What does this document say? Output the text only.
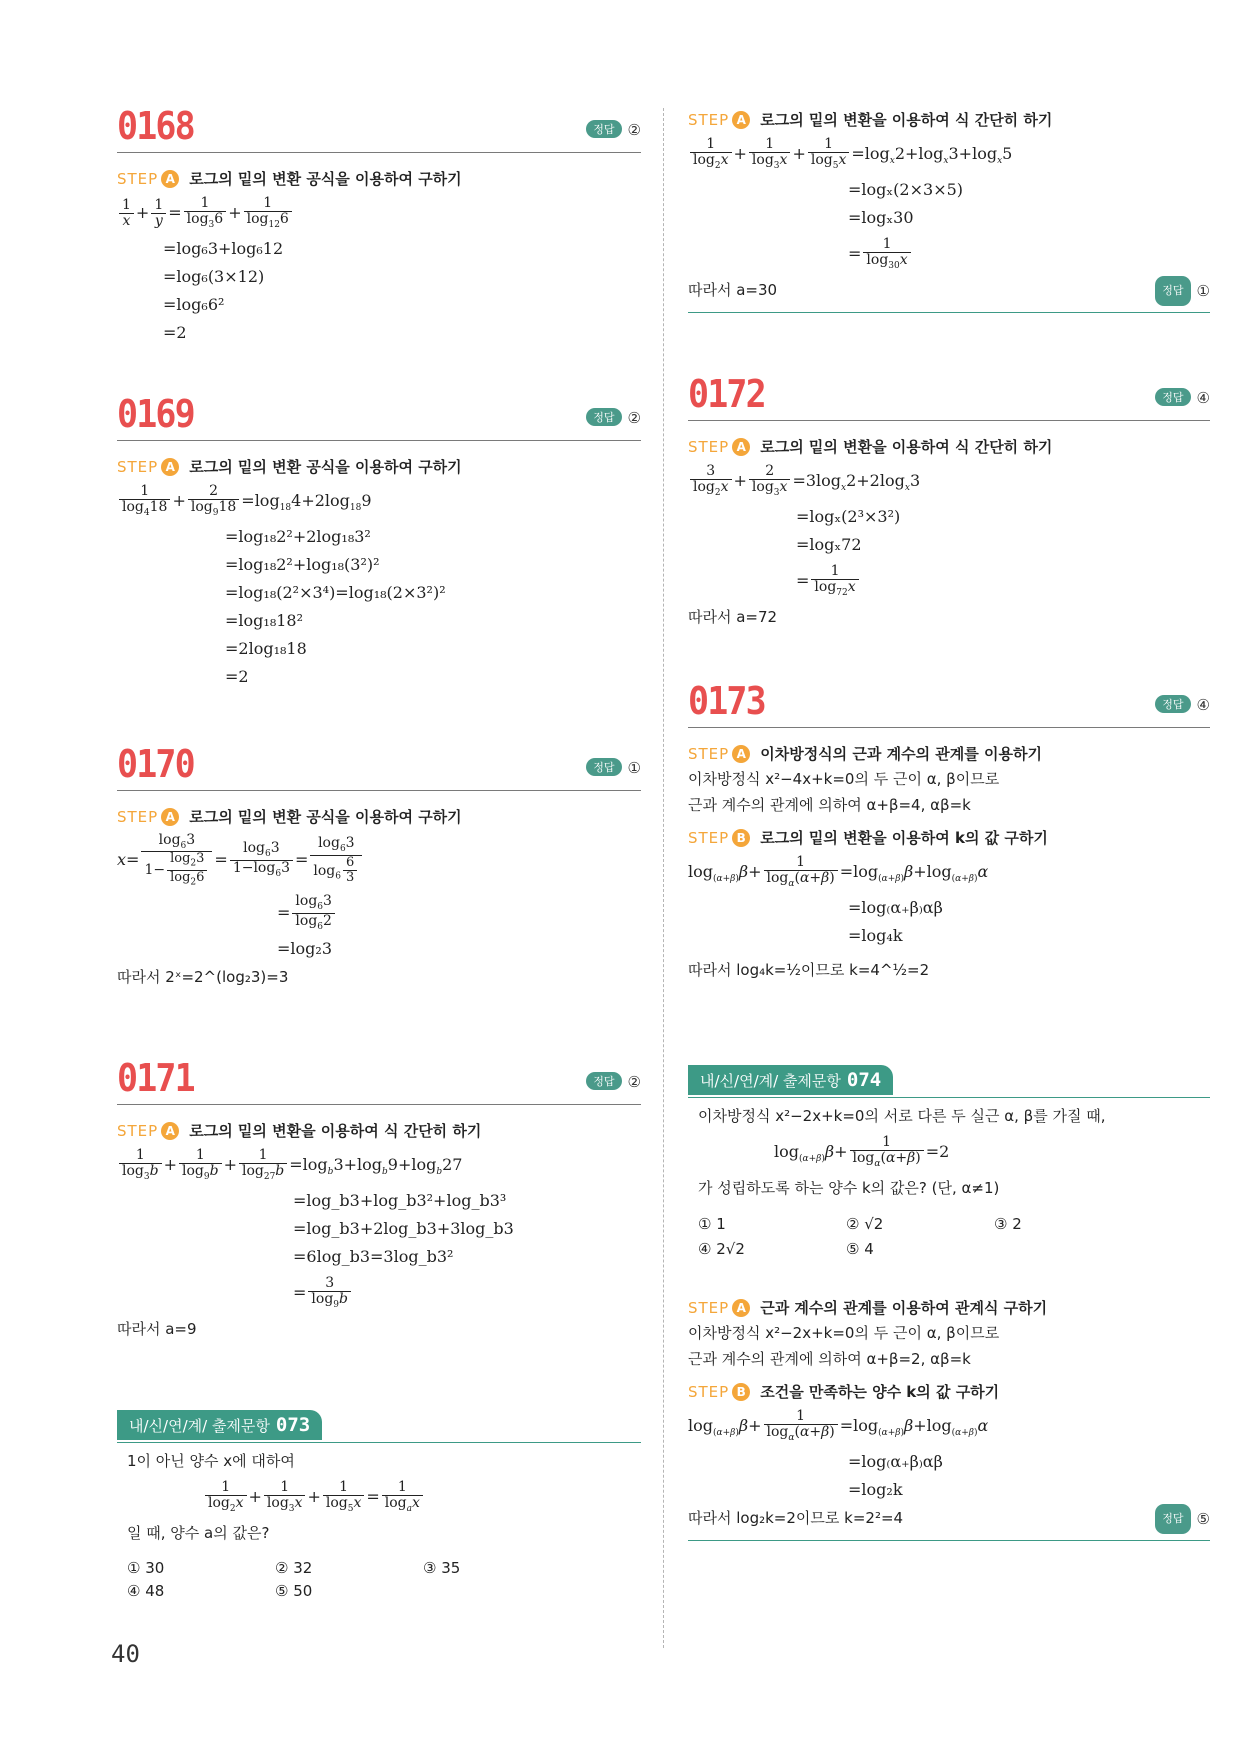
0168	정답 ②
STEP A 로그의 밑의 변환 공식을 이용하여 구하기
$\frac{1}{x} + \frac{1}{y} = \frac{1}{\log_36} + \frac{1}{\log_{12}6}$
=log₆3+log₆12
=log₆(3×12)
=log₆6²
=2
0169	정답 ②
STEP A 로그의 밑의 변환 공식을 이용하여 구하기
$\frac{1}{\log_418} + \frac{2}{\log_918} =\log_{18}4+2\log_{18}9$
=log₁₈2²+2log₁₈3²
=log₁₈2²+log₁₈(3²)²
=log₁₈(2²×3⁴)=log₁₈(2×3²)²
=log₁₈18²
=2log₁₈18
=2
0170	정답 ①
STEP A 로그의 밑의 변환 공식을 이용하여 구하기
$x= \frac{\log_63}{1- \frac{\log_23}{\log_26}} = \frac{\log_63}{1-\log_63} = \frac{\log_63}{\log_6 \frac{6}{3}}$
= $\frac{\log_63}{\log_62}$
=log₂3
따라서 2ˣ=2^(log₂3)=3
0171	정답 ②
STEP A 로그의 밑의 변환을 이용하여 식 간단히 하기
$\frac{1}{\log_3b} + \frac{1}{\log_9b} + \frac{1}{\log_{27}b} =\log_b3+\log_b9+\log_b27$
=log_b3+log_b3²+log_b3³
=log_b3+2log_b3+3log_b3
=6log_b3=3log_b3²
= $\frac{3}{\log_9b}$
따라서 a=9
내/신/연/계/ 출제문항 073
1이 아닌 양수 x에 대하여
$\frac{1}{\log_2x} + \frac{1}{\log_3x} + \frac{1}{\log_5x} = \frac{1}{\log_ax}$
일 때, 양수 a의 값은?
① 30	② 32	③ 35
④ 48	⑤ 50
STEP A 로그의 밑의 변환을 이용하여 식 간단히 하기
$\frac{1}{\log_2x} + \frac{1}{\log_3x} + \frac{1}{\log_5x} =\log_x2+\log_x3+\log_x5$
=logₓ(2×3×5)
=logₓ30
= $\frac{1}{\log_{30}x}$
따라서 a=30	정답 ①
0172	정답 ④
STEP A 로그의 밑의 변환을 이용하여 식 간단히 하기
$\frac{3}{\log_2x} + \frac{2}{\log_3x} =3\log_x2+2\log_x3$
=logₓ(2³×3²)
=logₓ72
= $\frac{1}{\log_{72}x}$
따라서 a=72
0173	정답 ④
STEP A 이차방정식의 근과 계수의 관계를 이용하기
이차방정식 x²−4x+k=0의 두 근이 α, β이므로
근과 계수의 관계에 의하여 α+β=4, αβ=k
STEP B 로그의 밑의 변환을 이용하여 k의 값 구하기
$\log_{(\alpha+\beta)}\beta+ \frac{1}{\log_\alpha(\alpha+\beta)} =\log_{(\alpha+\beta)}\beta+\log_{(\alpha+\beta)}\alpha$
=log₍α₊β₎αβ
=log₄k
따라서 log₄k=½이므로 k=4^½=2
내/신/연/계/ 출제문항 074
이차방정식 x²−2x+k=0의 서로 다른 두 실근 α, β를 가질 때,
$\log_{(\alpha+\beta)}\beta+ \frac{1}{\log_\alpha(\alpha+\beta)} =2$
가 성립하도록 하는 양수 k의 값은? (단, α≠1)
① 1	② √2	③ 2
④ 2√2	⑤ 4
STEP A 근과 계수의 관계를 이용하여 관계식 구하기
이차방정식 x²−2x+k=0의 두 근이 α, β이므로
근과 계수의 관계에 의하여 α+β=2, αβ=k
STEP B 조건을 만족하는 양수 k의 값 구하기
$\log_{(\alpha+\beta)}\beta+ \frac{1}{\log_\alpha(\alpha+\beta)} =\log_{(\alpha+\beta)}\beta+\log_{(\alpha+\beta)}\alpha$
=log₍α₊β₎αβ
=log₂k
따라서 log₂k=2이므로 k=2²=4	정답 ⑤
40
